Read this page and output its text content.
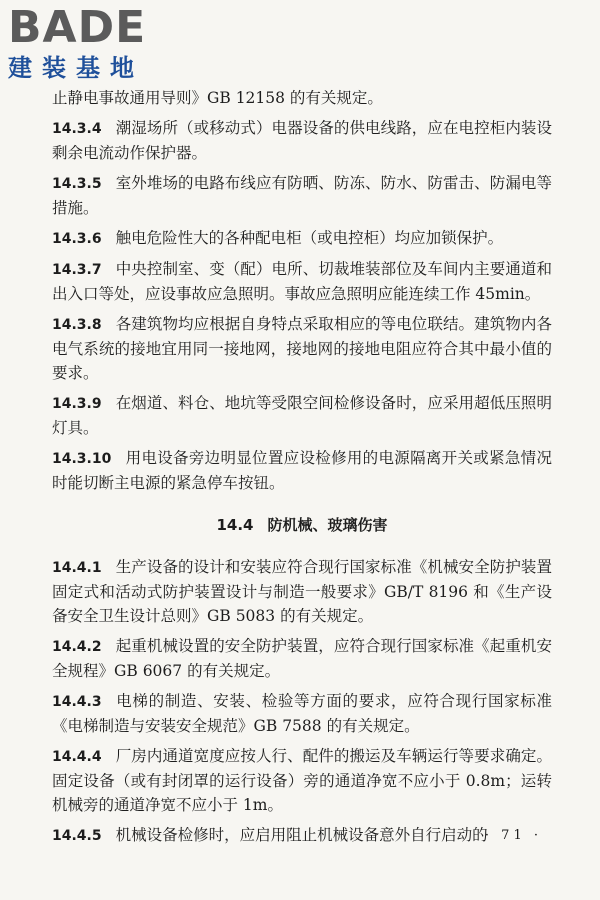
BADE
建装基地

止静电事故通用导则》GB 12158 的有关规定。

14.3.4 潮湿场所（或移动式）电器设备的供电线路，应在电控柜内装设剩余电流动作保护器。

14.3.5 室外堆场的电路布线应有防晒、防冻、防水、防雷击、防漏电等措施。

14.3.6 触电危险性大的各种配电柜（或电控柜）均应加锁保护。

14.3.7 中央控制室、变（配）电所、切裁堆装部位及车间内主要通道和出入口等处，应设事故应急照明。事故应急照明应能连续工作 45min。

14.3.8 各建筑物均应根据自身特点采取相应的等电位联结。建筑物内各电气系统的接地宜用同一接地网，接地网的接地电阻应符合其中最小值的要求。

14.3.9 在烟道、料仓、地坑等受限空间检修设备时，应采用超低压照明灯具。

14.3.10 用电设备旁边明显位置应设检修用的电源隔离开关或紧急情况时能切断主电源的紧急停车按钮。

14.4 防机械、玻璃伤害

14.4.1 生产设备的设计和安装应符合现行国家标准《机械安全防护装置 固定式和活动式防护装置设计与制造一般要求》GB/T 8196 和《生产设备安全卫生设计总则》GB 5083 的有关规定。

14.4.2 起重机械设置的安全防护装置，应符合现行国家标准《起重机安全规程》GB 6067 的有关规定。

14.4.3 电梯的制造、安装、检验等方面的要求，应符合现行国家标准《电梯制造与安装安全规范》GB 7588 的有关规定。

14.4.4 厂房内通道宽度应按人行、配件的搬运及车辆运行等要求确定。固定设备（或有封闭罩的运行设备）旁的通道净宽不应小于 0.8m；运转机械旁的通道净宽不应小于 1m。

14.4.5 机械设备检修时，应启用阻止机械设备意外自行启动的

· 71 ·
